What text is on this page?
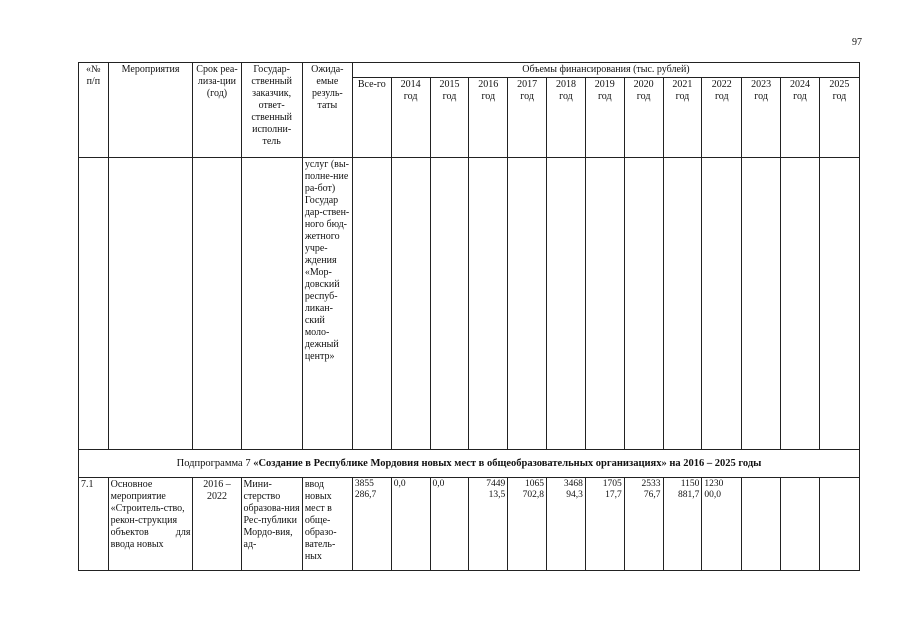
97
«№ п/п	Мероприятия	Срок реа-лиза-ции (год)	Государ-ственный заказчик, ответ-ственный исполни-тель	Ожида-емые резуль-таты	Объемы финансирования (тыс. рублей)												
					Все-го	2014 год	2015 год	2016 год	2017 год	2018 год	2019 год	2020 год	2021 год	2022 год	2023 год	2024 год	2025 год
				услуг (вы-полне-ние ра-бот) Государ дар-ствен-ного бюд-жетного учре-ждения «Мор-довский респуб-ликан-ский моло-дежный центр»													
Подпрограмма 7 «Создание в Республике Мордовия новых мест в общеобразовательных организациях» на 2016 – 2025 годы																	
7.1	Основное мероприятие «Строитель-ство, рекон-струкция объектов для ввода новых	2016 – 2022	Мини-стерство образова-ния Рес-публики Мордо-вия, ад-	ввод новых мест в обще-образо-ватель-ных	3855 286,7	0,0	0,0	7449 13,5	1065 702,8	3468 94,3	1705 17,7	2533 76,7	1150 881,7	1230 00,0			
